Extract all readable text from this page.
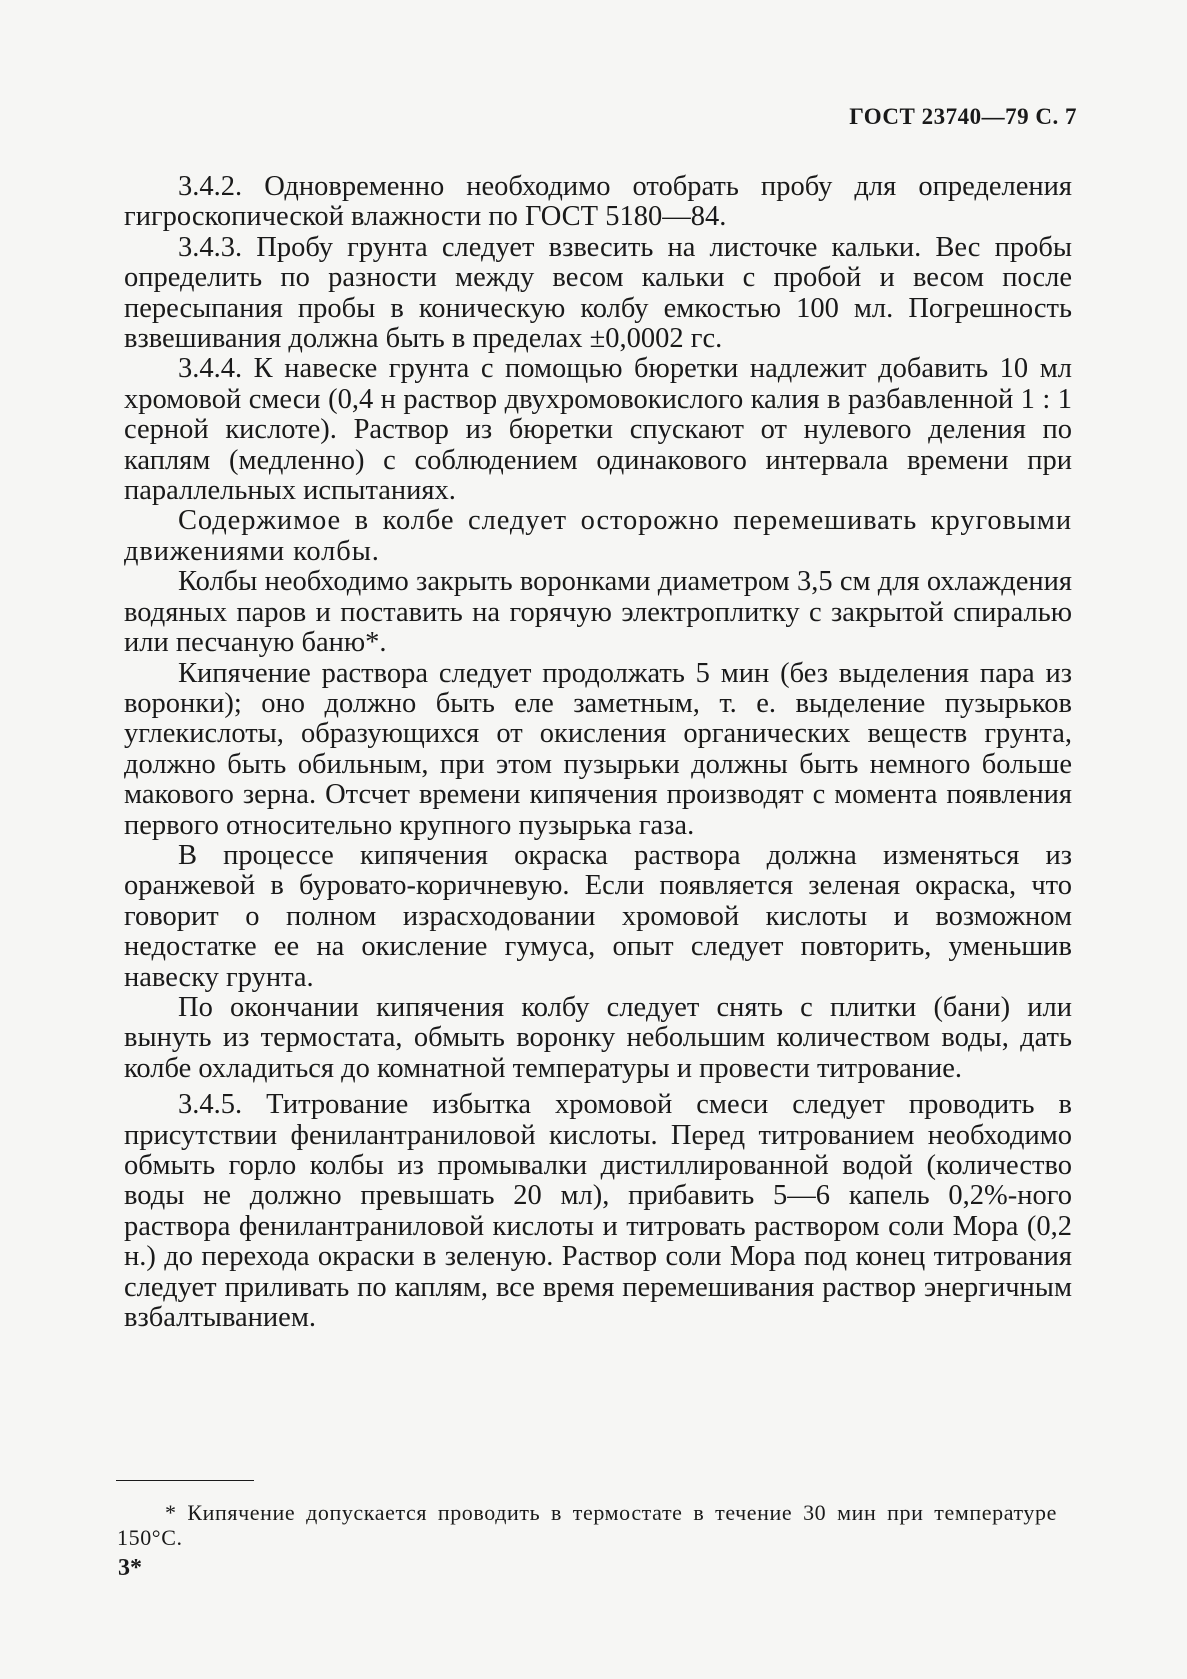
ГОСТ 23740—79 С. 7

3.4.2. Одновременно необходимо отобрать пробу для определения гигроскопической влажности по ГОСТ 5180—84.

3.4.3. Пробу грунта следует взвесить на листочке кальки. Вес пробы определить по разности между весом кальки с пробой и весом после пересыпания пробы в коническую колбу емкостью 100 мл. Погрешность взвешивания должна быть в пределах ±0,0002 гс.

3.4.4. К навеске грунта с помощью бюретки надлежит добавить 10 мл хромовой смеси (0,4 н раствор двухромовокислого калия в разбавленной 1 : 1 серной кислоте). Раствор из бюретки спускают от нулевого деления по каплям (медленно) с соблюдением одинакового интервала времени при параллельных испытаниях.

Содержимое в колбе следует осторожно перемешивать круговыми движениями колбы.

Колбы необходимо закрыть воронками диаметром 3,5 см для охлаждения водяных паров и поставить на горячую электроплитку с закрытой спиралью или песчаную баню*.

Кипячение раствора следует продолжать 5 мин (без выделения пара из воронки); оно должно быть еле заметным, т. е. выделение пузырьков углекислоты, образующихся от окисления органических веществ грунта, должно быть обильным, при этом пузырьки должны быть немного больше макового зерна. Отсчет времени кипячения производят с момента появления первого относительно крупного пузырька газа.

В процессе кипячения окраска раствора должна изменяться из оранжевой в буровато-коричневую. Если появляется зеленая окраска, что говорит о полном израсходовании хромовой кислоты и возможном недостатке ее на окисление гумуса, опыт следует повторить, уменьшив навеску грунта.

По окончании кипячения колбу следует снять с плитки (бани) или вынуть из термостата, обмыть воронку небольшим количеством воды, дать колбе охладиться до комнатной температуры и провести титрование.

3.4.5. Титрование избытка хромовой смеси следует проводить в присутствии фенилантраниловой кислоты. Перед титрованием необходимо обмыть горло колбы из промывалки дистиллированной водой (количество воды не должно превышать 20 мл), прибавить 5—6 капель 0,2%-ного раствора фенилантраниловой кислоты и титровать раствором соли Мора (0,2 н.) до перехода окраски в зеленую. Раствор соли Мора под конец титрования следует приливать по каплям, все время перемешивания раствор энергичным взбалтыванием.

* Кипячение допускается проводить в термостате в течение 30 мин при температуре 150°С.

3*
